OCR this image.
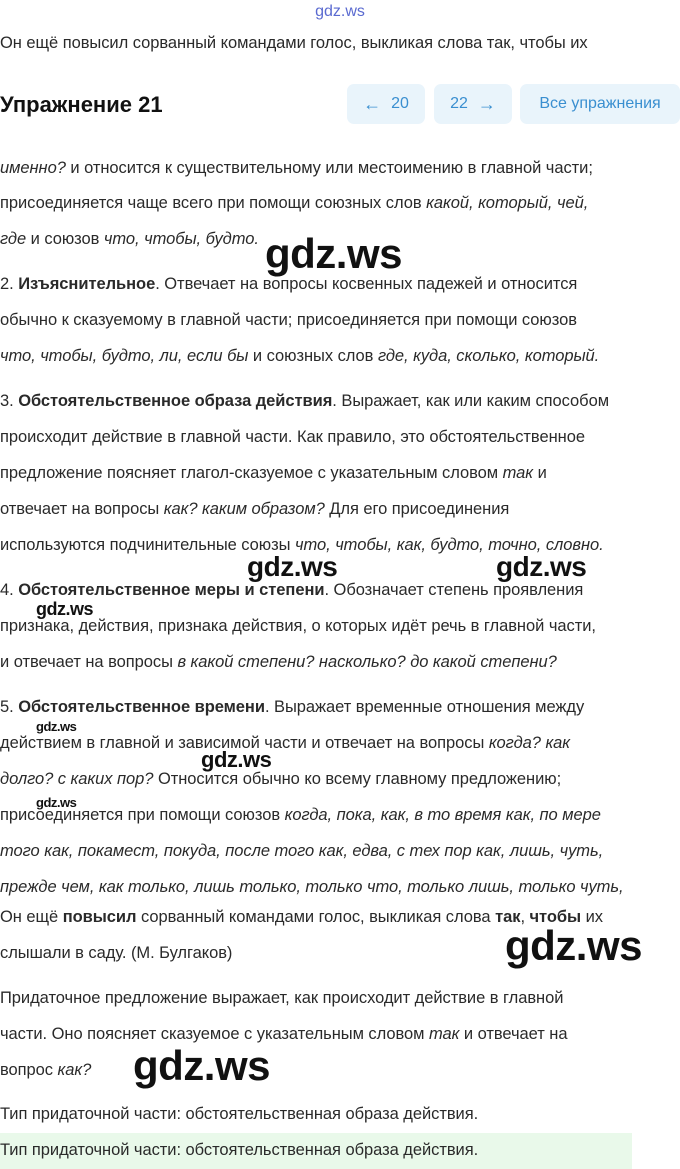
gdz.ws
Он ещё повысил сорванный командами голос, выкликая слова так, чтобы их
Упражнение 21	← 20	22 →	Все упражнения
именно? и относится к существительному или местоимению в главной части;
присоединяется чаще всего при помощи союзных слов какой, который, чей,
где и союзов что, чтобы, будто.
2. Изъяснительное. Отвечает на вопросы косвенных падежей и относится
обычно к сказуемому в главной части; присоединяется при помощи союзов
что, чтобы, будто, ли, если бы и союзных слов где, куда, сколько, который.
3. Обстоятельственное образа действия. Выражает, как или каким способом
происходит действие в главной части. Как правило, это обстоятельственное
предложение поясняет глагол-сказуемое с указательным словом так и
отвечает на вопросы как? каким образом? Для его присоединения
используются подчинительные союзы что, чтобы, как, будто, точно, словно.
4. Обстоятельственное меры и степени. Обозначает степень проявления
признака, действия, признака действия, о которых идёт речь в главной части,
и отвечает на вопросы в какой степени? насколько? до какой степени?
5. Обстоятельственное времени. Выражает временные отношения между
действием в главной и зависимой части и отвечает на вопросы когда? как
долго? с каких пор? Относится обычно ко всему главному предложению;
присоединяется при помощи союзов когда, пока, как, в то время как, по мере
того как, покамест, покуда, после того как, едва, с тех пор как, лишь, чуть,
прежде чем, как только, лишь только, только что, только лишь, только чуть,
Он ещё повысил сорванный командами голос, выкликая слова так, чтобы их
слышали в саду. (М. Булгаков)
Придаточное предложение выражает, как происходит действие в главной
части. Оно поясняет сказуемое с указательным словом так и отвечает на
вопрос как?
Тип придаточной части: обстоятельственная образа действия.
Тип придаточной части: обстоятельственная образа действия.
gdz.ws
gdz.ws	gdz.ws
gdz.ws
gdz.ws
gdz.ws
gdz.ws
gdz.ws
gdz.ws
